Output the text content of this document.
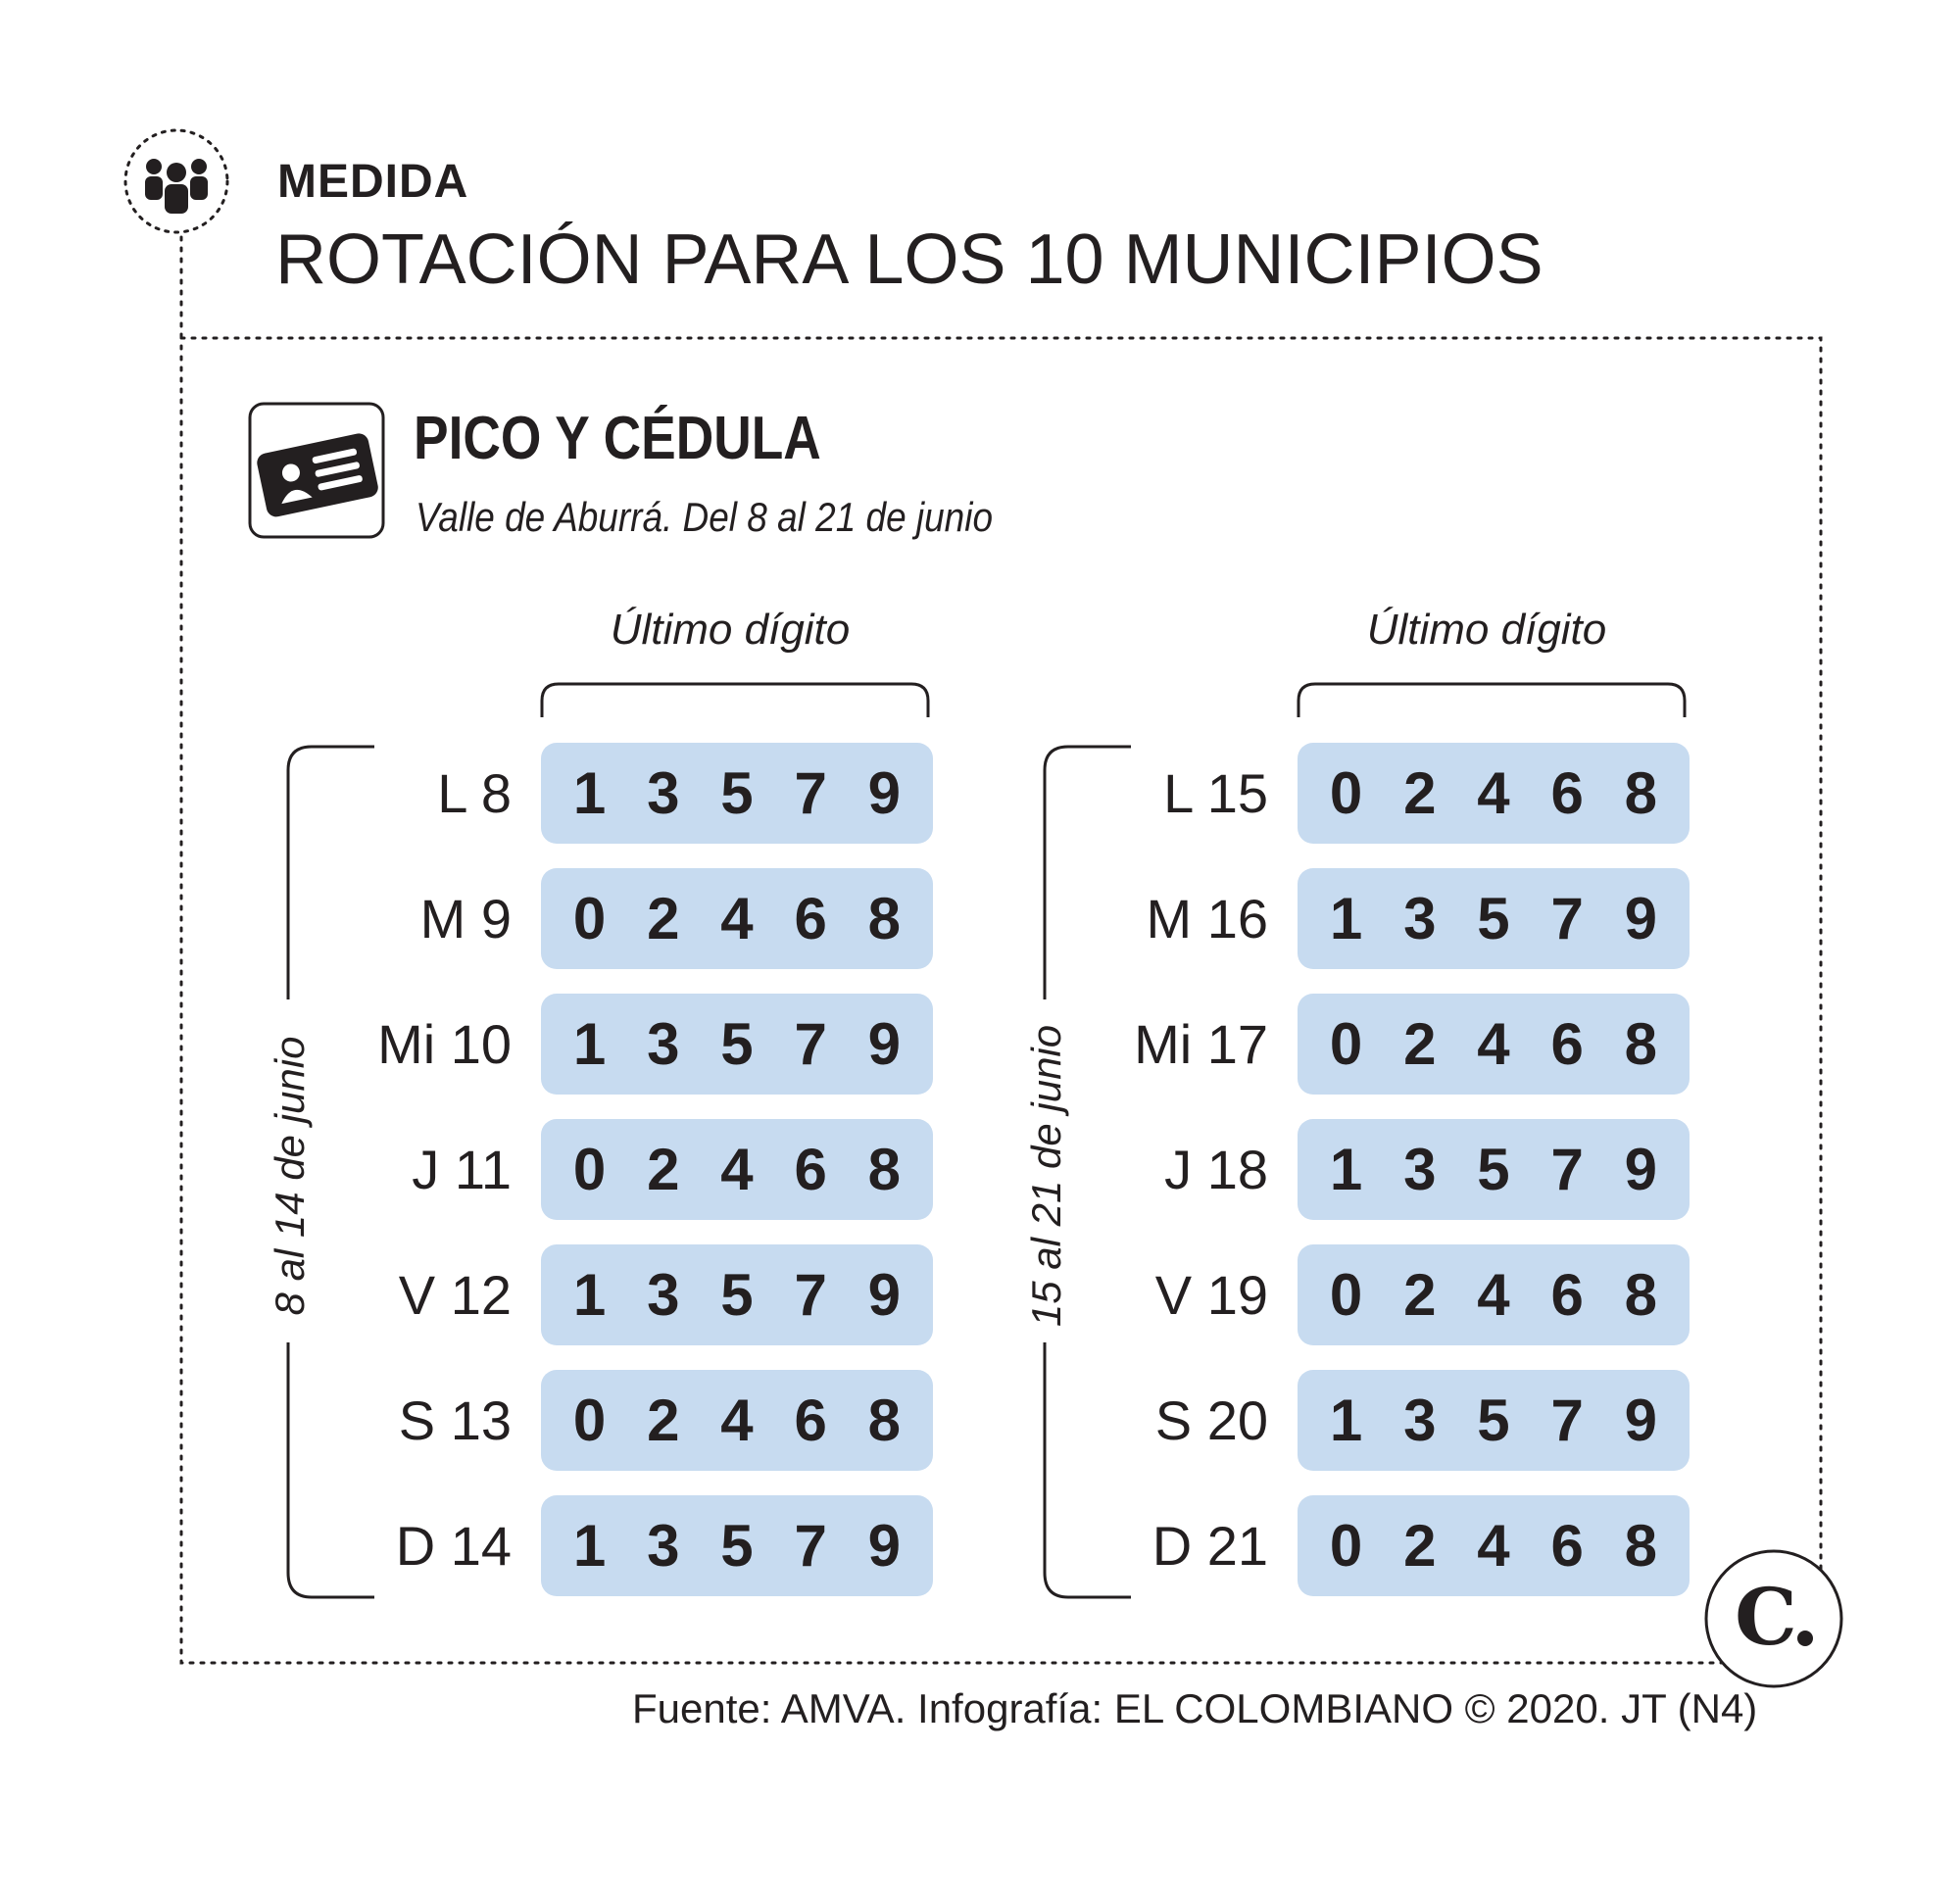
MEDIDA
ROTACIÓN PARA LOS 10 MUNICIPIOS
PICO Y CÉDULA
Valle de Aburrá. Del 8 al 21 de junio
Último dígito
8 al 14 de junio
L 8 1 3 5 7 9
M 9 0 2 4 6 8
Mi 10 1 3 5 7 9
J 11 0 2 4 6 8
V 12 1 3 5 7 9
S 13 0 2 4 6 8
D 14 1 3 5 7 9
Último dígito
15 al 21 de junio
L 15 0 2 4 6 8
M 16 1 3 5 7 9
Mi 17 0 2 4 6 8
J 18 1 3 5 7 9
V 19 0 2 4 6 8
S 20 1 3 5 7 9
D 21 0 2 4 6 8
C
Fuente: AMVA. Infografía: EL COLOMBIANO © 2020. JT (N4)
